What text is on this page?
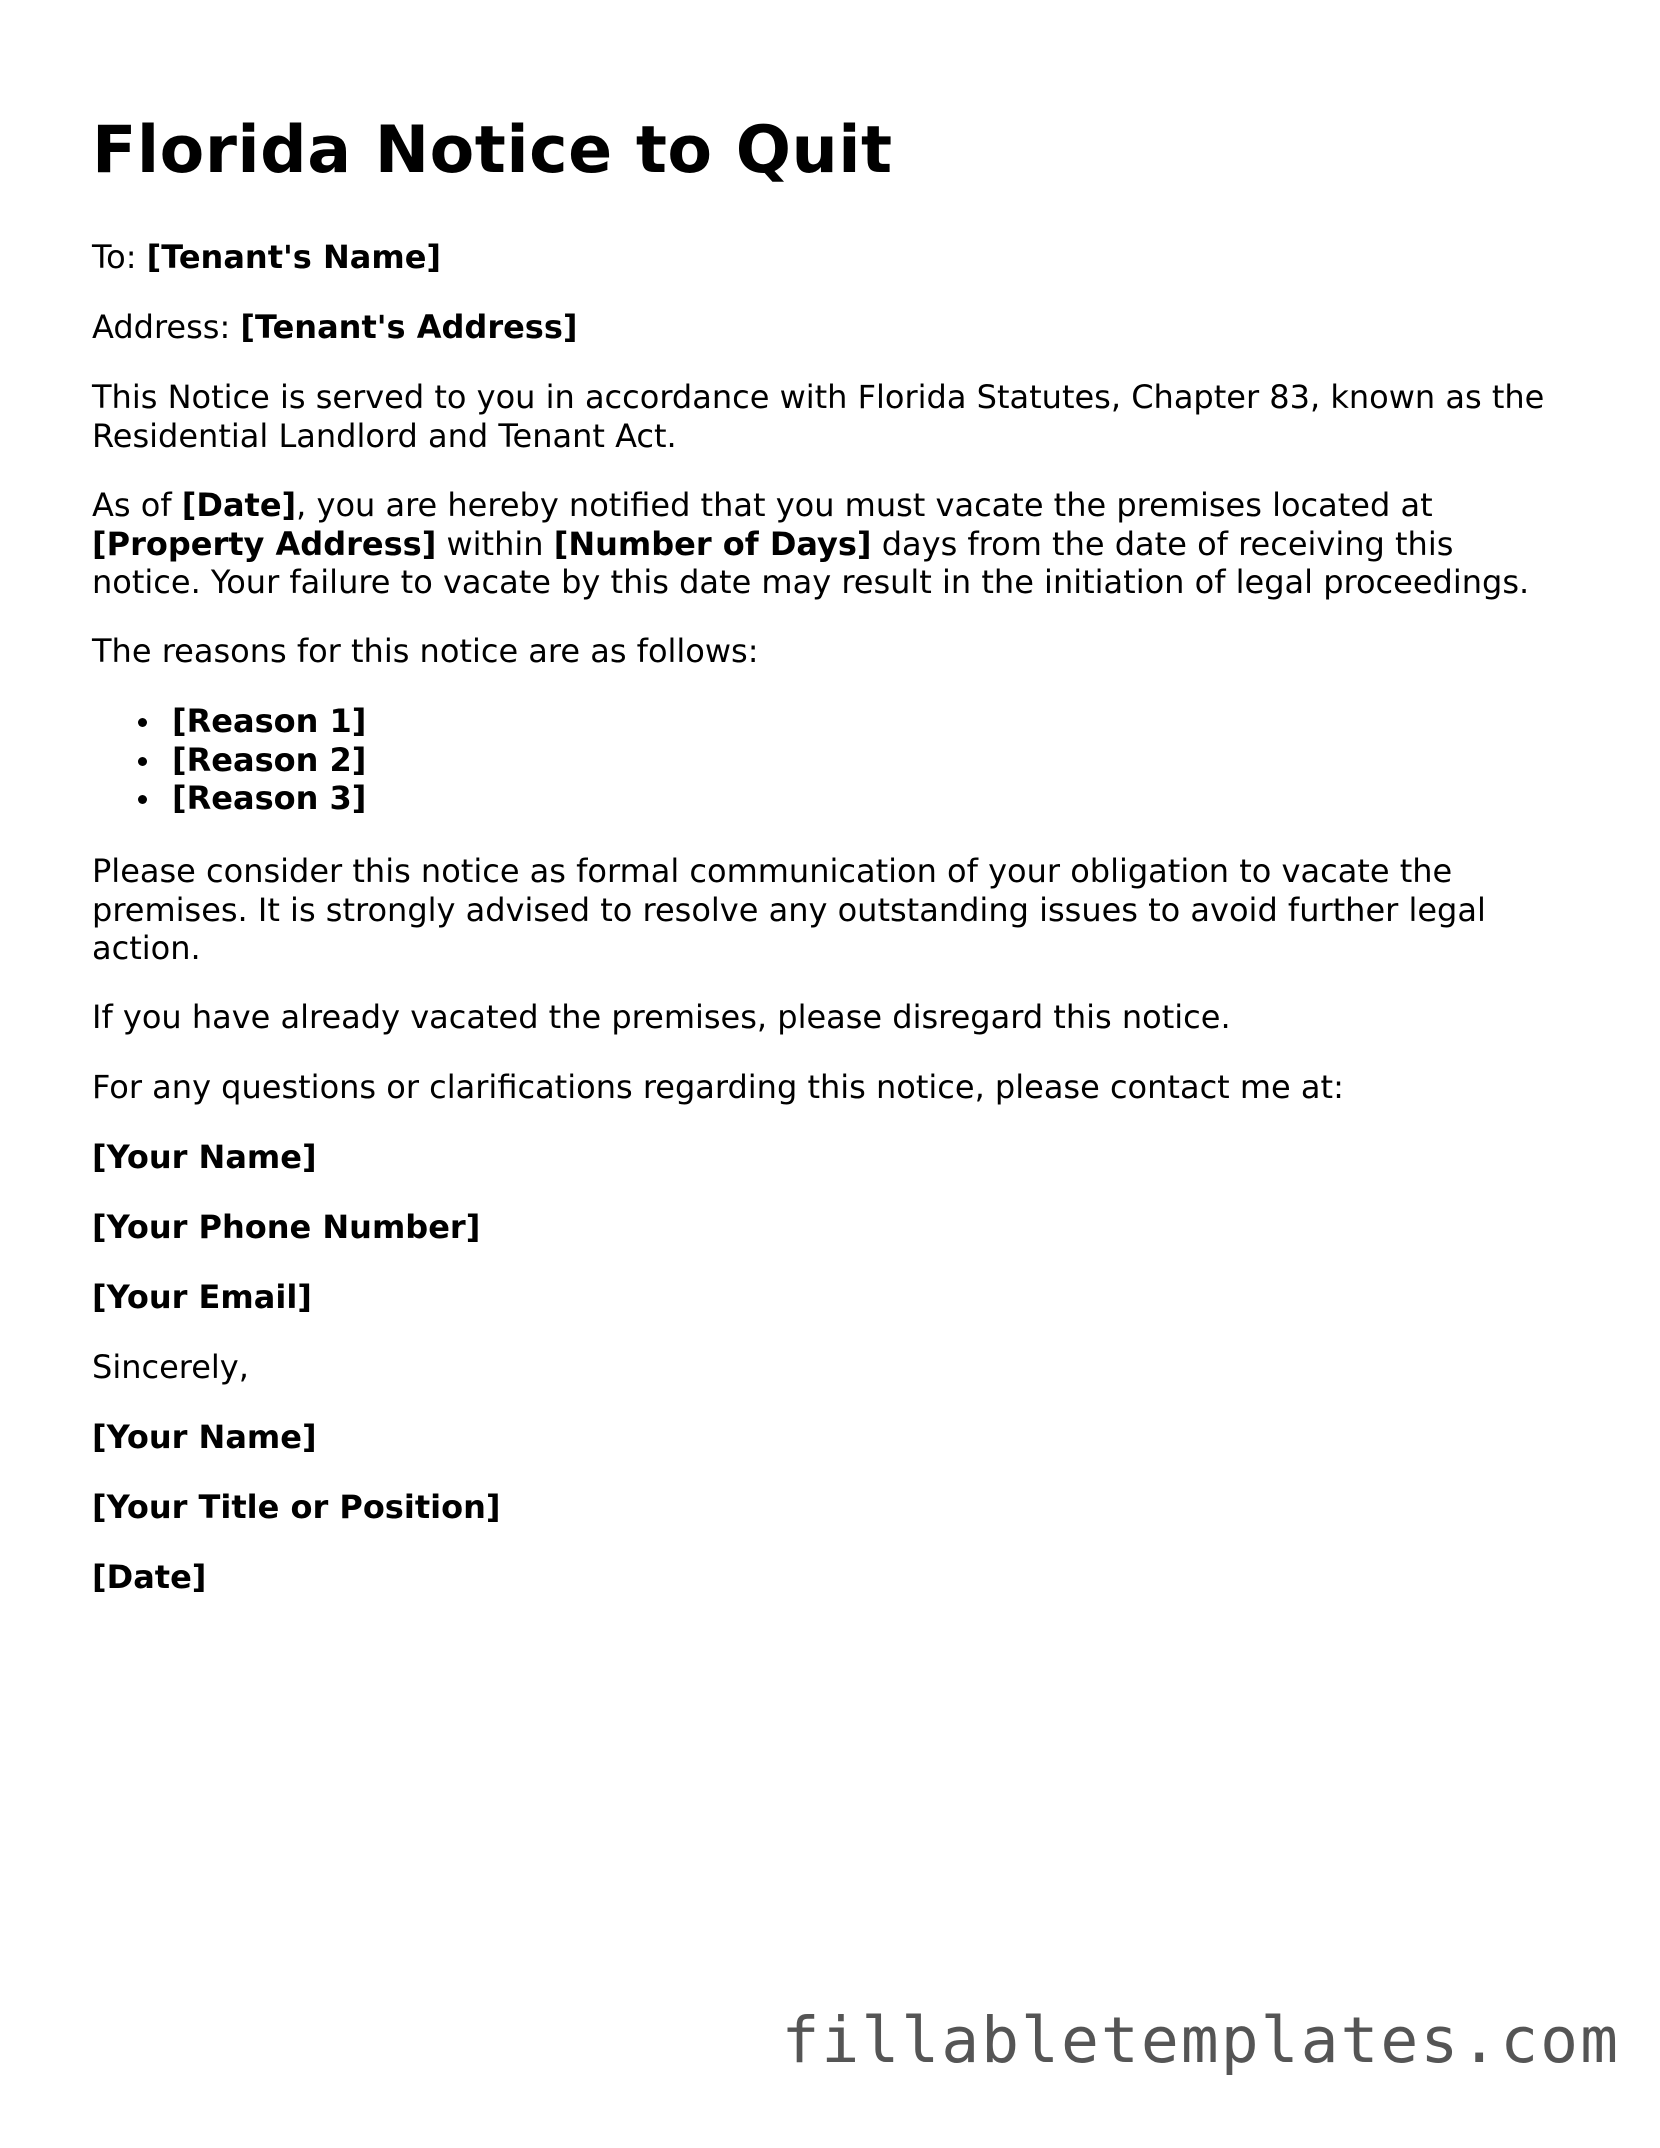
Florida Notice to Quit

To: [Tenant's Name]

Address: [Tenant's Address]

This Notice is served to you in accordance with Florida Statutes, Chapter 83, known as the Residential Landlord and Tenant Act.

As of [Date], you are hereby notified that you must vacate the premises located at [Property Address] within [Number of Days] days from the date of receiving this notice. Your failure to vacate by this date may result in the initiation of legal proceedings.

The reasons for this notice are as follows:

[Reason 1]
[Reason 2]
[Reason 3]

Please consider this notice as formal communication of your obligation to vacate the premises. It is strongly advised to resolve any outstanding issues to avoid further legal action.

If you have already vacated the premises, please disregard this notice.

For any questions or clarifications regarding this notice, please contact me at:

[Your Name]

[Your Phone Number]

[Your Email]

Sincerely,

[Your Name]

[Your Title or Position]

[Date]

fillabletemplates.com
